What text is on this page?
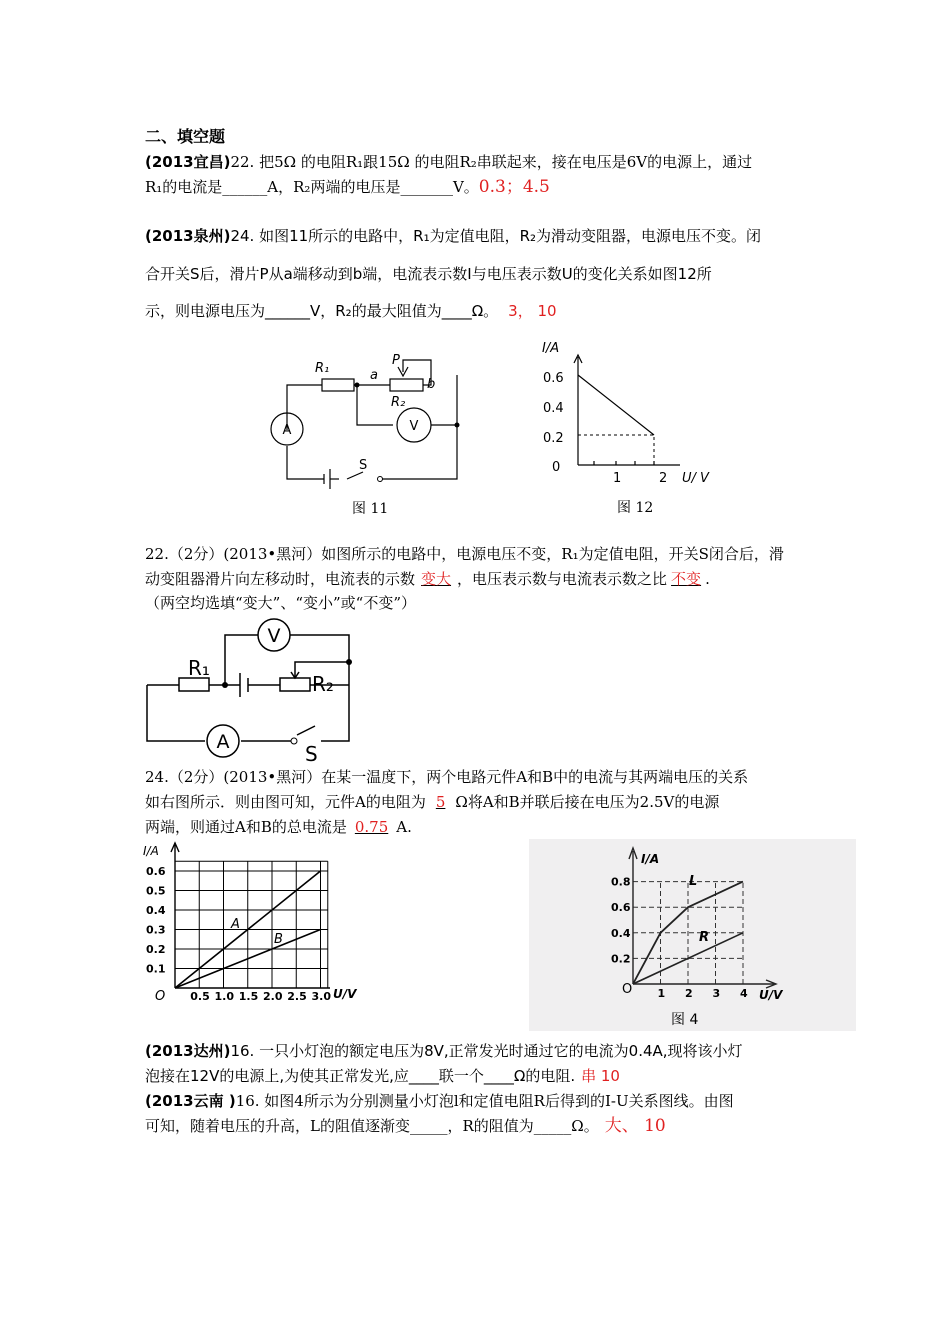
二、填空题
(2013宜昌)22. 把5Ω 的电阻R₁跟15Ω 的电阻R₂串联起来，接在电压是6V的电源上，通过
R₁的电流是______A，R₂两端的电压是_______V。0.3；4.5
(2013泉州)24. 如图11所示的电路中，R₁为定值电阻，R₂为滑动变阻器，电源电压不变。闭
合开关S后，滑片P从a端移动到b端，电流表示数I与电压表示数U的变化关系如图12所
示，则电源电压为______V，R₂的最大阻值为____Ω。 3， 10
R₁	a
b
P
R₂
V
A
S
图 11
I/A
U/ V
0
0.6
0.4
0.2
1	2
图 12
22.（2分）(2013•黑河）如图所示的电路中，电源电压不变，R₁为定值电阻，开关S闭合后，滑
动变阻器滑片向左移动时，电流表的示数 变大 ，电压表示数与电流表示数之比 不变 .
（两空均选填“变大”、“变小”或“不变”）
V
A
R₁
R₂
S
24.（2分）(2013•黑河）在某一温度下，两个电路元件A和B中的电流与其两端电压的关系
如右图所示．则由图可知，元件A的电阻为 5 Ω将A和B并联后接在电压为2.5V的电源
两端，则通过A和B的总电流是 0.75 A.
I/A
U/V
O
0.6
0.5
0.4
0.3
0.2
0.1
0.5 1.0 1.5 2.0 2.5 3.0
A
B
I/A
U/V
O
0.8
0.6
0.4
0.2
1 2 3 4
L
R
图 4
(2013达州)16. 一只小灯泡的额定电压为8V,正常发光时通过它的电流为0.4A,现将该小灯
泡接在12V的电源上,为使其正常发光,应____联一个____Ω的电阻. 串 10
(2013云南 )16. 如图4所示为分别测量小灯泡l和定值电阻R后得到的I-U关系图线。由图
可知，随着电压的升高，L的阻值逐渐变_____，R的阻值为_____Ω。 大、 10
